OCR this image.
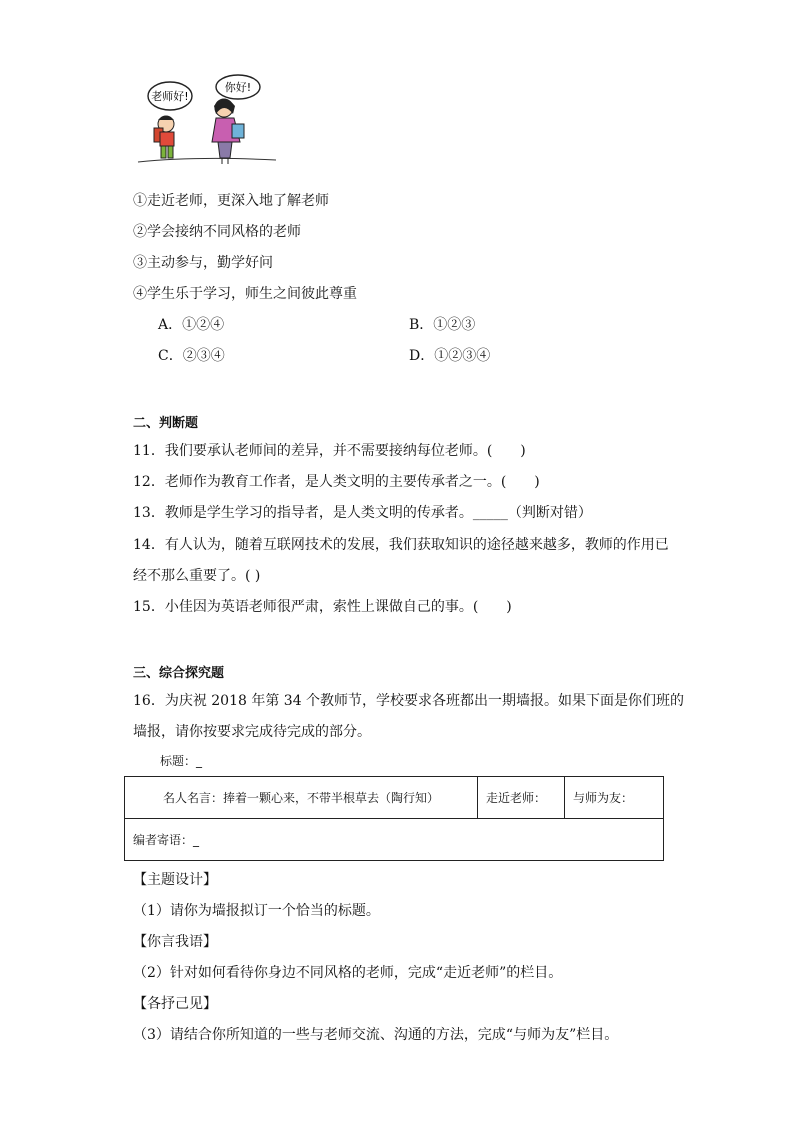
老师好!
你好!
①走近老师，更深入地了解老师
②学会接纳不同风格的老师
③主动参与，勤学好问
④学生乐于学习，师生之间彼此尊重
A．①②④	B．①②③
C．②③④	D．①②③④
二、判断题
11．我们要承认老师间的差异，并不需要接纳每位老师。(　　)
12．老师作为教育工作者，是人类文明的主要传承者之一。(　　)
13．教师是学生学习的指导者，是人类文明的传承者。_____（判断对错）
14．有人认为，随着互联网技术的发展，我们获取知识的途径越来越多，教师的作用已
经不那么重要了。( )
15．小佳因为英语老师很严肃，索性上课做自己的事。(　　)
三、综合探究题
16．为庆祝 2018 年第 34 个教师节，学校要求各班都出一期墙报。如果下面是你们班的
墙报，请你按要求完成待完成的部分。
标题：_
名人名言：捧着一颗心来，不带半根草去（陶行知）	走近老师：	与师为友：
编者寄语：_
【主题设计】
（1）请你为墙报拟订一个恰当的标题。
【你言我语】
（2）针对如何看待你身边不同风格的老师，完成“走近老师”的栏目。
【各抒己见】
（3）请结合你所知道的一些与老师交流、沟通的方法，完成“与师为友”栏目。
